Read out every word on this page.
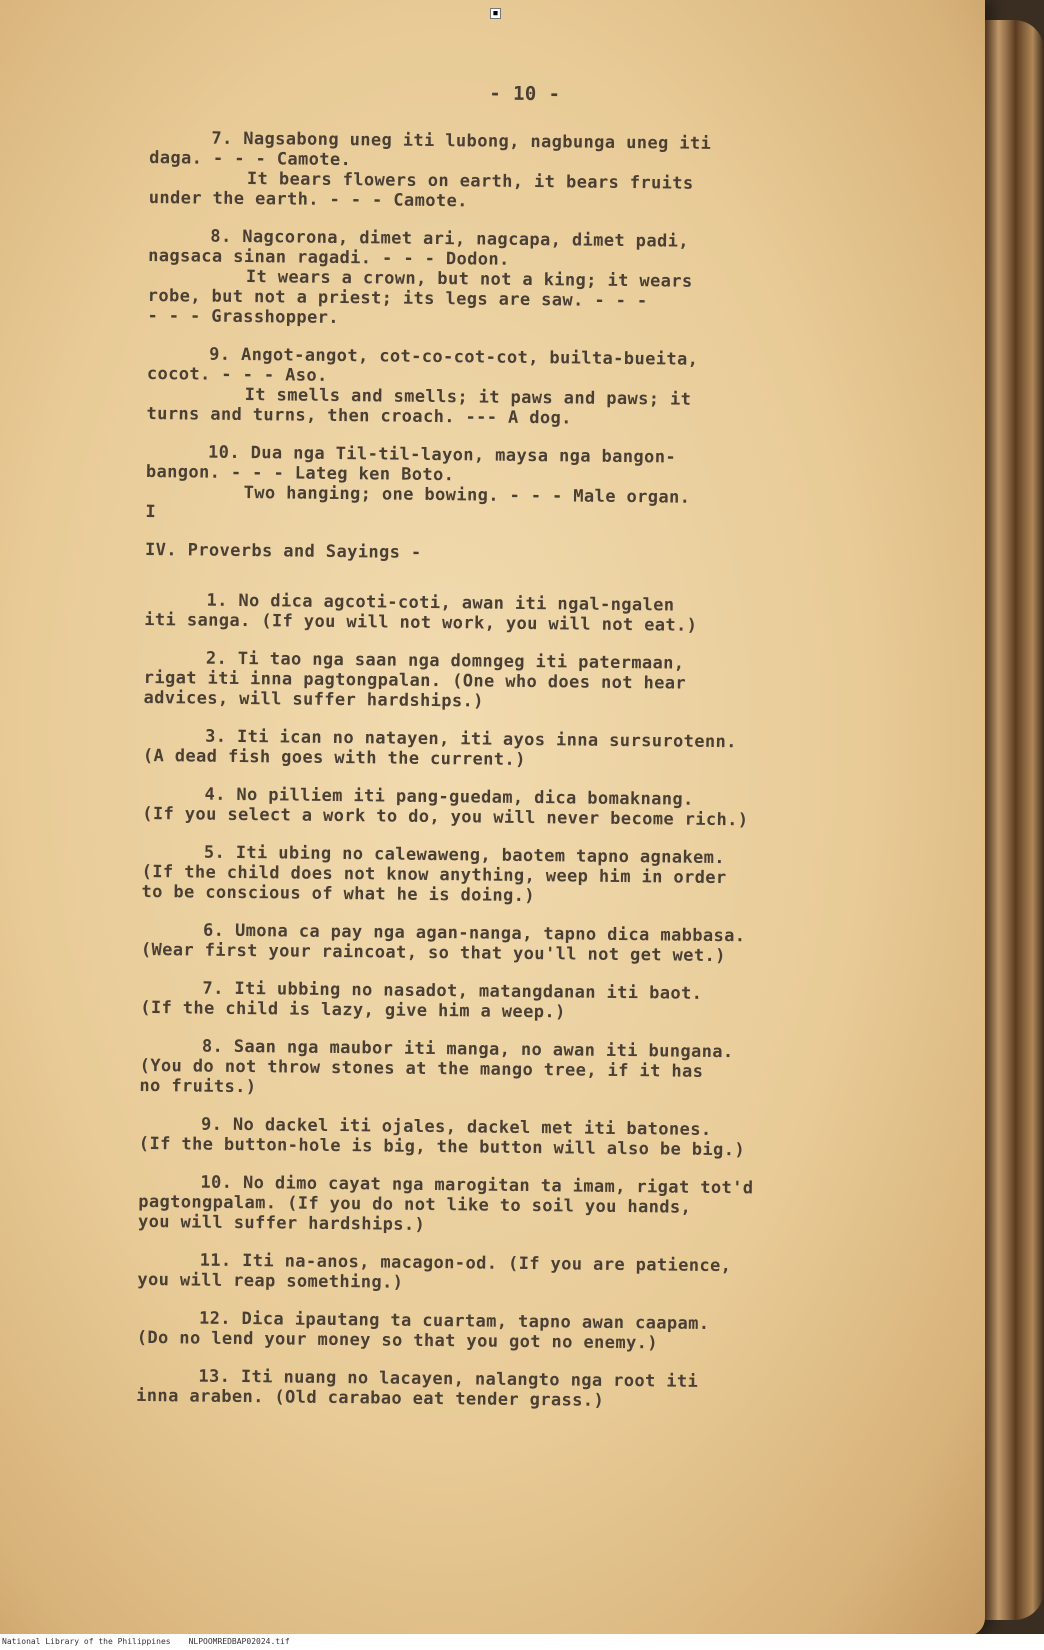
- 10 -
7. Nagsabong uneg iti lubong, nagbunga uneg iti
daga. - - - Camote.
It bears flowers on earth, it bears fruits
under the earth. - - - Camote.
8. Nagcorona, dimet ari, nagcapa, dimet padi,
nagsaca sinan ragadi. - - - Dodon.
It wears a crown, but not a king; it wears
robe, but not a priest; its legs are saw. - - -
- - - Grasshopper.
9. Angot-angot, cot-co-cot-cot, builta-bueita,
cocot. - - - Aso.
It smells and smells; it paws and paws; it
turns and turns, then croach. --- A dog.
10. Dua nga Til-til-layon, maysa nga bangon-
bangon. - - - Lateg ken Boto.
Two hanging; one bowing. - - - Male organ.
I
IV. Proverbs and Sayings -
1. No dica agcoti-coti, awan iti ngal-ngalen
iti sanga. (If you will not work, you will not eat.)
2. Ti tao nga saan nga domngeg iti patermaan,
rigat iti inna pagtongpalan. (One who does not hear
advices, will suffer hardships.)
3. Iti ican no natayen, iti ayos inna sursurotenn.
(A dead fish goes with the current.)
4. No pilliem iti pang-guedam, dica bomaknang.
(If you select a work to do, you will never become rich.)
5. Iti ubing no calewaweng, baotem tapno agnakem.
(If the child does not know anything, weep him in order
to be conscious of what he is doing.)
6. Umona ca pay nga agan-nanga, tapno dica mabbasa.
(Wear first your raincoat, so that you'll not get wet.)
7. Iti ubbing no nasadot, matangdanan iti baot.
(If the child is lazy, give him a weep.)
8. Saan nga maubor iti manga, no awan iti bungana.
(You do not throw stones at the mango tree, if it has
no fruits.)
9. No dackel iti ojales, dackel met iti batones.
(If the button-hole is big, the button will also be big.)
10. No dimo cayat nga marogitan ta imam, rigat tot'd
pagtongpalam. (If you do not like to soil you hands,
you will suffer hardships.)
11. Iti na-anos, macagon-od. (If you are patience,
you will reap something.)
12. Dica ipautang ta cuartam, tapno awan caapam.
(Do no lend your money so that you got no enemy.)
13. Iti nuang no lacayen, nalangto nga root iti
inna araben. (Old carabao eat tender grass.)
■
National Library of the Philippines NLPOOMREDBAP02024.tif
